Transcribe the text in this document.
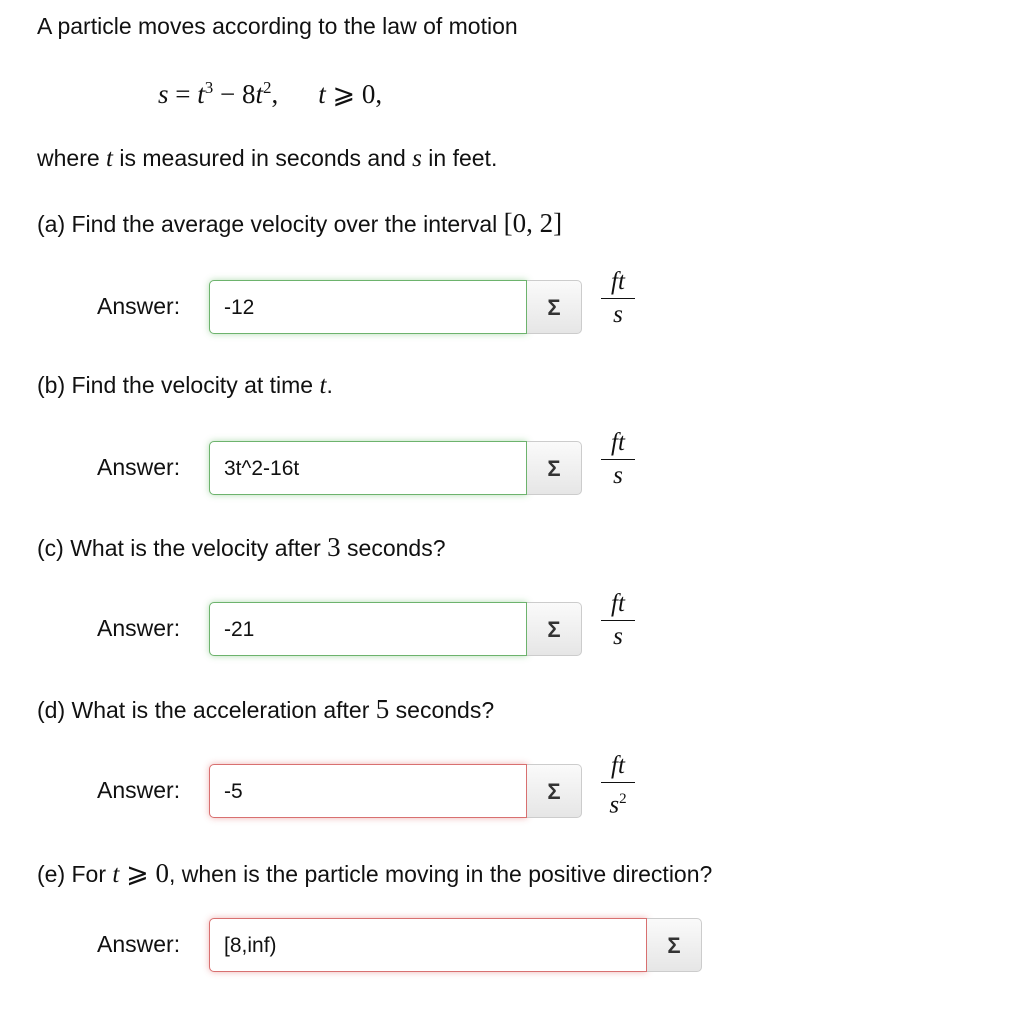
A particle moves according to the law of motion
$s = t^3 - 8t^2$, t ⩾ 0,
where t is measured in seconds and s in feet.
(a) Find the average velocity over the interval [0, 2]
Answer:	-12	Σ	$\frac{ft}{s}$
(b) Find the velocity at time t.
Answer:	3t^2-16t	Σ	$\frac{ft}{s}$
(c) What is the velocity after 3 seconds?
Answer:	-21	Σ	$\frac{ft}{s}$
(d) What is the acceleration after 5 seconds?
Answer:	-5	Σ	$\frac{ft}{s^2}$
(e) For t ⩾ 0, when is the particle moving in the positive direction?
Answer:	[8,inf)	Σ
